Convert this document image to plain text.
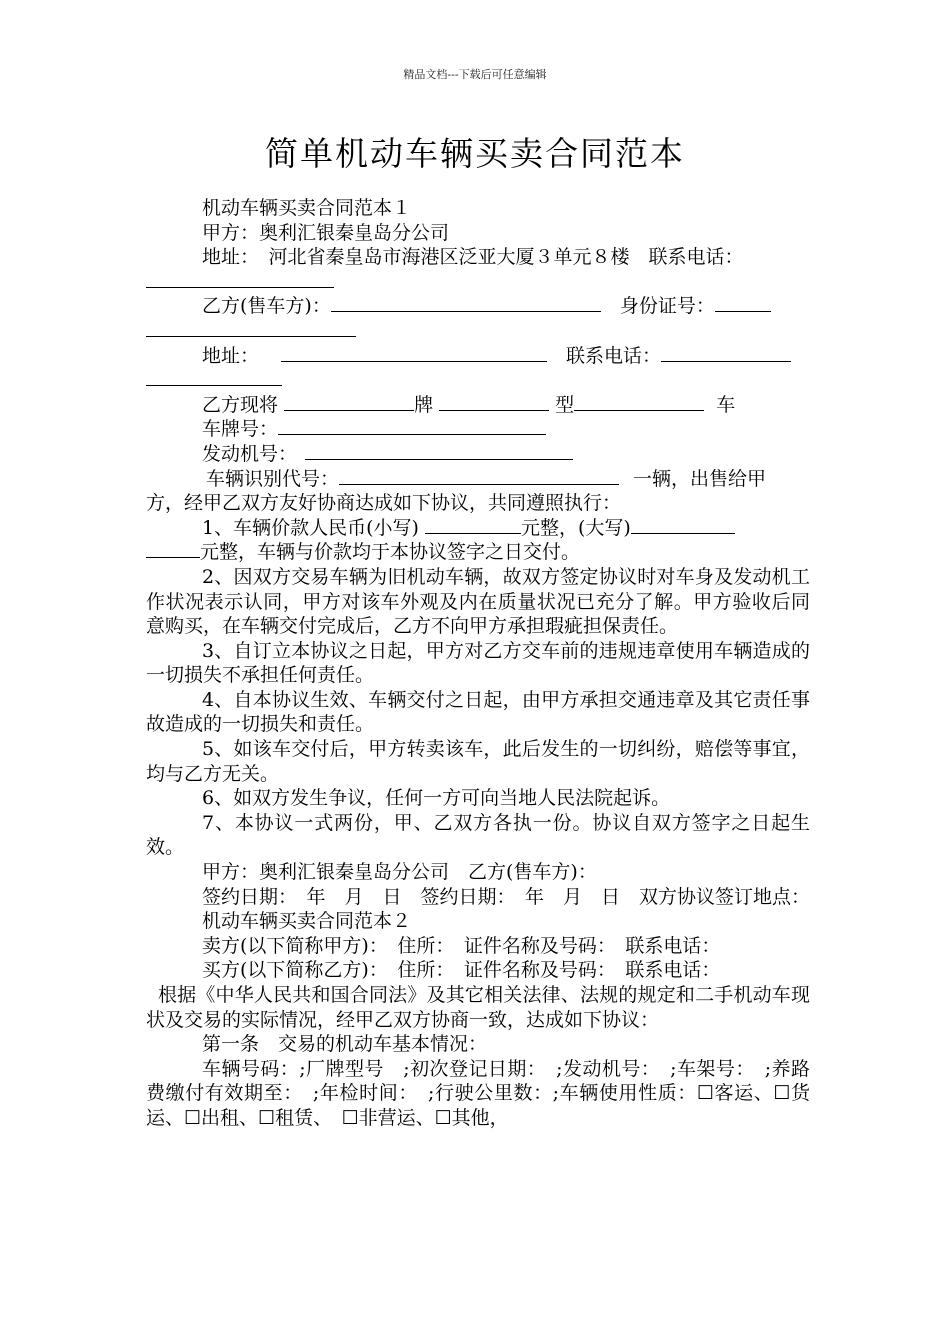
精品文档---下载后可任意编辑
简单机动车辆买卖合同范本
机动车辆买卖合同范本１
甲方：奥利汇银秦皇岛分公司
地址：　河北省秦皇岛市海港区泛亚大厦３单元８楼　联系电话：
乙方(售车方)：	　身份证号：
地址：	　联系电话：
乙方现将	牌	型	车
车牌号：
发动机号：
车辆识别代号：	一辆，出售给甲
方，经甲乙双方友好协商达成如下协议，共同遵照执行：
1、车辆价款人民币(小写)	元整，(大写)
元整，车辆与价款均于本协议签字之日交付。
2、因双方交易车辆为旧机动车辆，故双方签定协议时对车身及发动机工作状况表示认同，甲方对该车外观及内在质量状况已充分了解。甲方验收后同意购买，在车辆交付完成后，乙方不向甲方承担瑕疵担保责任。
3、自订立本协议之日起，甲方对乙方交车前的违规违章使用车辆造成的一切损失不承担任何责任。
4、自本协议生效、车辆交付之日起，由甲方承担交通违章及其它责任事故造成的一切损失和责任。
5、如该车交付后，甲方转卖该车，此后发生的一切纠纷，赔偿等事宜，均与乙方无关。
6、如双方发生争议，任何一方可向当地人民法院起诉。
7、本协议一式两份，甲、乙双方各执一份。协议自双方签字之日起生效。
甲方：奥利汇银秦皇岛分公司　乙方(售车方)：
签约日期：　年　月　日　签约日期：　年　月　日　双方协议签订地点：
机动车辆买卖合同范本２
卖方(以下简称甲方)：　住所：　证件名称及号码：　联系电话：
买方(以下简称乙方)：　住所：　证件名称及号码：　联系电话：
根据《中华人民共和国合同法》及其它相关法律、法规的规定和二手机动车现状及交易的实际情况，经甲乙双方协商一致，达成如下协议：
第一条　交易的机动车基本情况：
车辆号码：;厂牌型号　;初次登记日期：　;发动机号：　;车架号：　;养路费缴付有效期至：　;年检时间：　;行驶公里数：;车辆使用性质：☐客运、☐货运、☐出租、☐租赁、　☐非营运、☐其他，
